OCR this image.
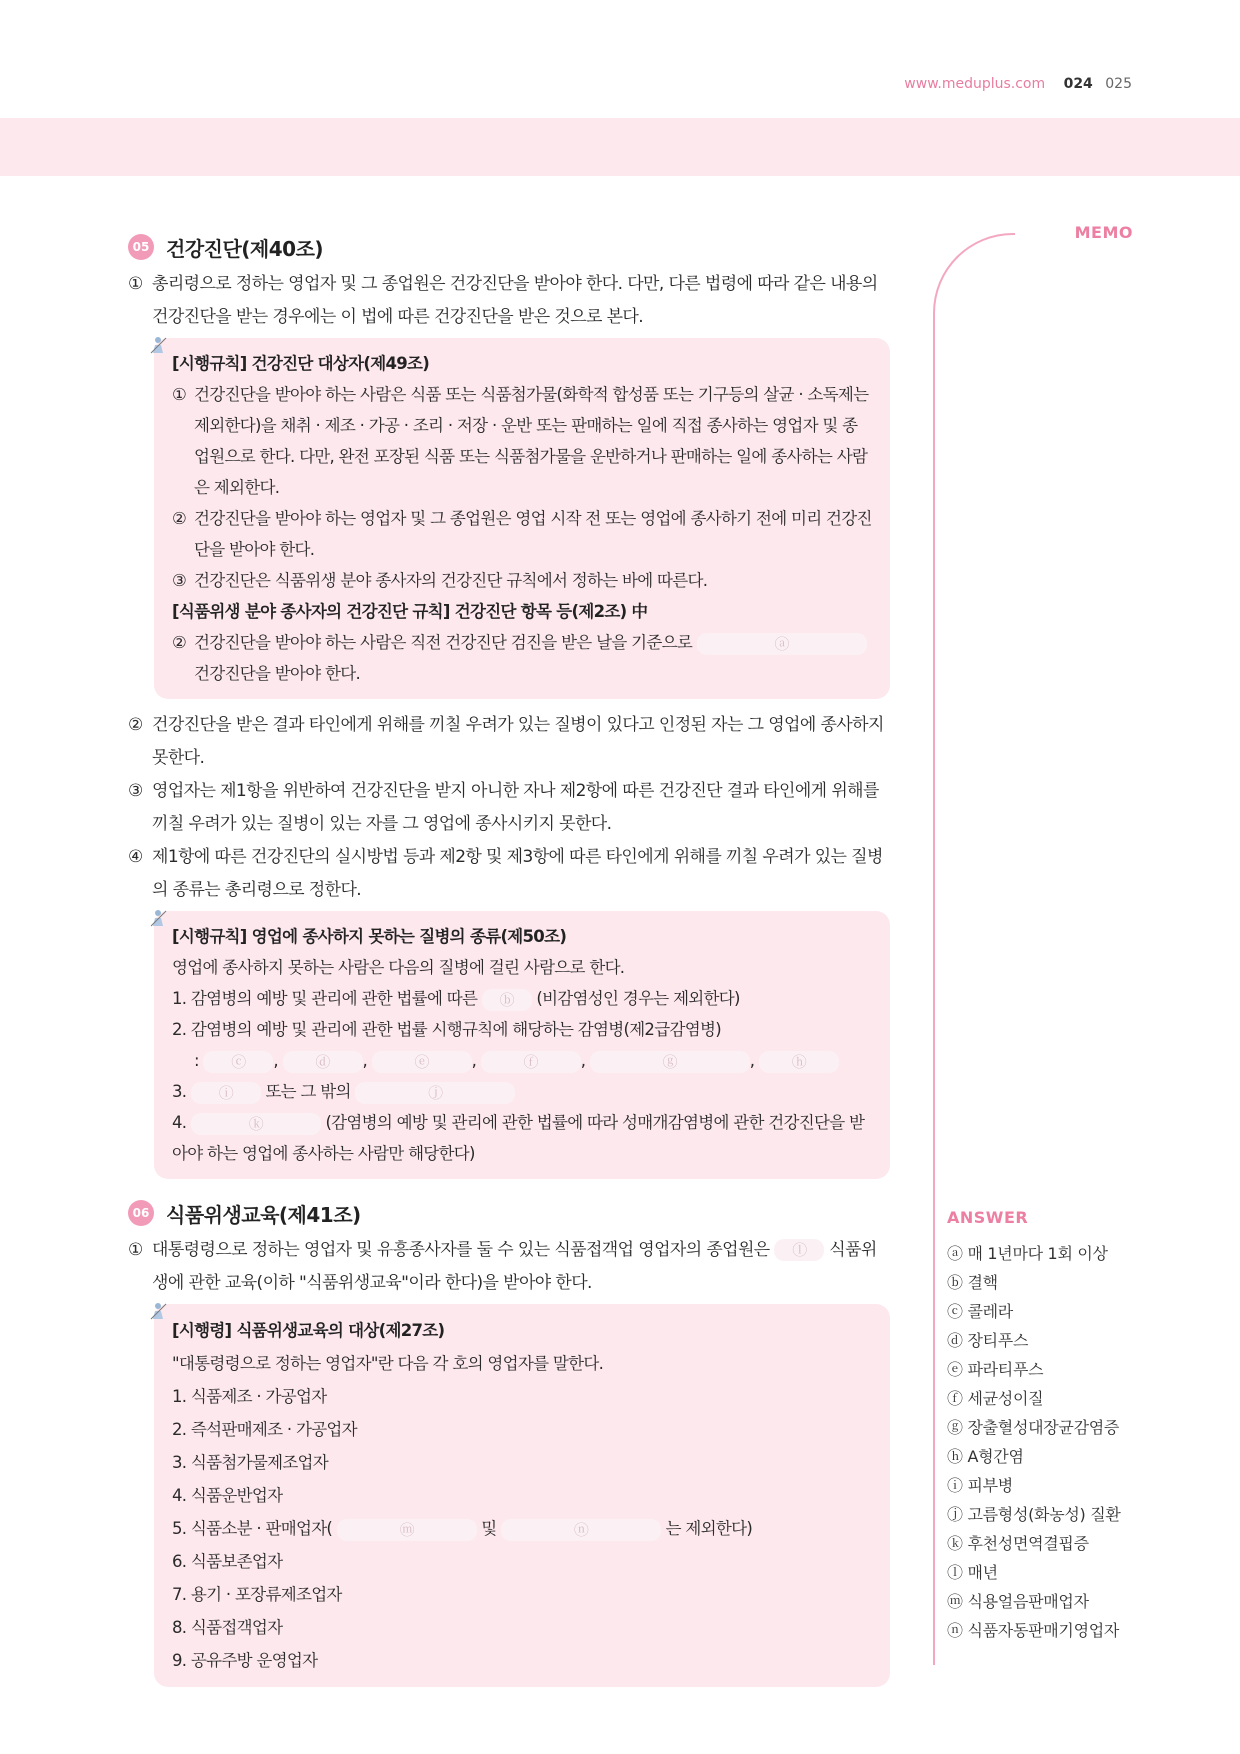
www.meduplus.com 024 025
MEMO
05 건강진단(제40조)

① 총리령으로 정하는 영업자 및 그 종업원은 건강진단을 받아야 한다. 다만, 다른 법령에 따라 같은 내용의 건강진단을 받는 경우에는 이 법에 따른 건강진단을 받은 것으로 본다.

[시행규칙] 건강진단 대상자(제49조)
① 건강진단을 받아야 하는 사람은 식품 또는 식품첨가물(화학적 합성품 또는 기구등의 살균 · 소독제는 제외한다)을 채취 · 제조 · 가공 · 조리 · 저장 · 운반 또는 판매하는 일에 직접 종사하는 영업자 및 종업원으로 한다. 다만, 완전 포장된 식품 또는 식품첨가물을 운반하거나 판매하는 일에 종사하는 사람은 제외한다.
② 건강진단을 받아야 하는 영업자 및 그 종업원은 영업 시작 전 또는 영업에 종사하기 전에 미리 건강진단을 받아야 한다.
③ 건강진단은 식품위생 분야 종사자의 건강진단 규칙에서 정하는 바에 따른다.
[식품위생 분야 종사자의 건강진단 규칙] 건강진단 항목 등(제2조) 中
② 건강진단을 받아야 하는 사람은 직전 건강진단 검진을 받은 날을 기준으로	ⓐ 건강진단을 받아야 한다.

② 건강진단을 받은 결과 타인에게 위해를 끼칠 우려가 있는 질병이 있다고 인정된 자는 그 영업에 종사하지 못한다.

③ 영업자는 제1항을 위반하여 건강진단을 받지 아니한 자나 제2항에 따른 건강진단 결과 타인에게 위해를 끼칠 우려가 있는 질병이 있는 자를 그 영업에 종사시키지 못한다.

④ 제1항에 따른 건강진단의 실시방법 등과 제2항 및 제3항에 따른 타인에게 위해를 끼칠 우려가 있는 질병의 종류는 총리령으로 정한다.

[시행규칙] 영업에 종사하지 못하는 질병의 종류(제50조)
영업에 종사하지 못하는 사람은 다음의 질병에 걸린 사람으로 한다.
1. 감염병의 예방 및 관리에 관한 법률에 따른 ⓑ (비감염성인 경우는 제외한다)
2. 감염병의 예방 및 관리에 관한 법률 시행규칙에 해당하는 감염병(제2급감염병)
: ⓒ , ⓓ ,	ⓔ	,	ⓕ	,	ⓖ	, ⓗ
3. ⓘ 또는 그 밖의	ⓙ
4.	ⓚ	(감염병의 예방 및 관리에 관한 법률에 따라 성매개감염병에 관한 건강진단을 받아야 하는 영업에 종사하는 사람만 해당한다)
06 식품위생교육(제41조)

① 대통령령으로 정하는 영업자 및 유흥종사자를 둘 수 있는 식품접객업 영업자의 종업원은 ⓛ 식품위생에 관한 교육(이하 "식품위생교육"이라 한다)을 받아야 한다.

[시행령] 식품위생교육의 대상(제27조)
"대통령령으로 정하는 영업자"란 다음 각 호의 영업자를 말한다.
1. 식품제조 · 가공업자
2. 즉석판매제조 · 가공업자
3. 식품첨가물제조업자
4. 식품운반업자
5. 식품소분 · 판매업자(	ⓜ	및	ⓝ	는 제외한다)
6. 식품보존업자
7. 용기 · 포장류제조업자
8. 식품접객업자
9. 공유주방 운영업자
ANSWER
ⓐ 매 1년마다 1회 이상
ⓑ 결핵
ⓒ 콜레라
ⓓ 장티푸스
ⓔ 파라티푸스
ⓕ 세균성이질
ⓖ 장출혈성대장균감염증
ⓗ A형간염
ⓘ 피부병
ⓙ 고름형성(화농성) 질환
ⓚ 후천성면역결핍증
ⓛ 매년
ⓜ 식용얼음판매업자
ⓝ 식품자동판매기영업자
